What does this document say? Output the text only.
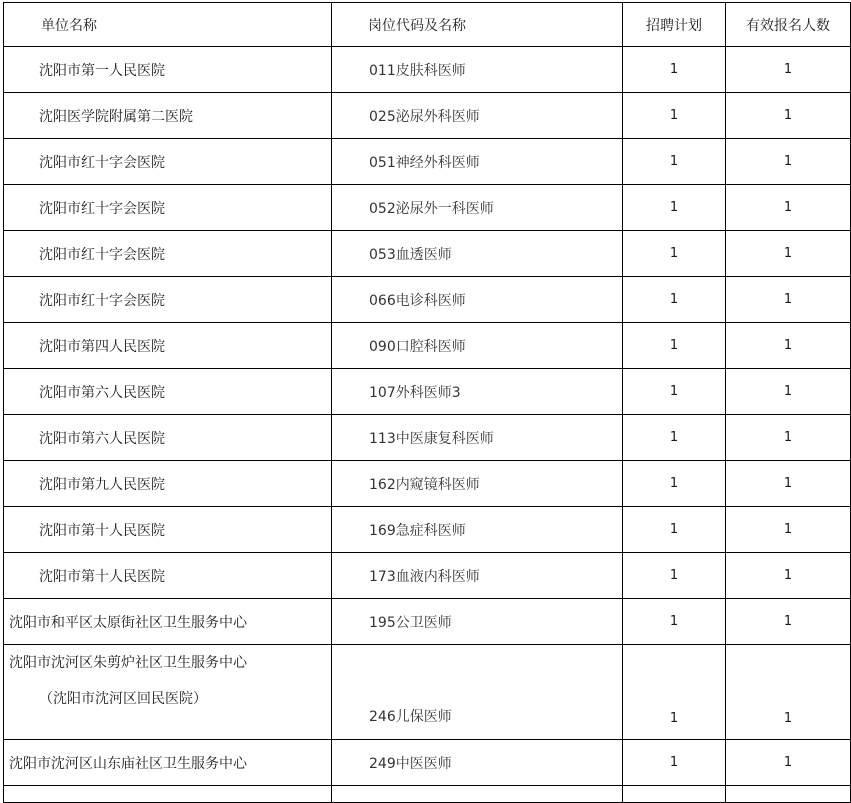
单位名称	岗位代码及名称	招聘计划	有效报名人数
沈阳市第一人民医院	011皮肤科医师	1	1
沈阳医学院附属第二医院	025泌尿外科医师	1	1
沈阳市红十字会医院	051神经外科医师	1	1
沈阳市红十字会医院	052泌尿外一科医师	1	1
沈阳市红十字会医院	053血透医师	1	1
沈阳市红十字会医院	066电诊科医师	1	1
沈阳市第四人民医院	090口腔科医师	1	1
沈阳市第六人民医院	107外科医师3	1	1
沈阳市第六人民医院	113中医康复科医师	1	1
沈阳市第九人民医院	162内窥镜科医师	1	1
沈阳市第十人民医院	169急症科医师	1	1
沈阳市第十人民医院	173血液内科医师	1	1
沈阳市和平区太原街社区卫生服务中心	195公卫医师	1	1
沈阳市沈河区朱剪炉社区卫生服务中心
（沈阳市沈河区回民医院）	246儿保医师	1	1
沈阳市沈河区山东庙社区卫生服务中心	249中医医师	1	1
